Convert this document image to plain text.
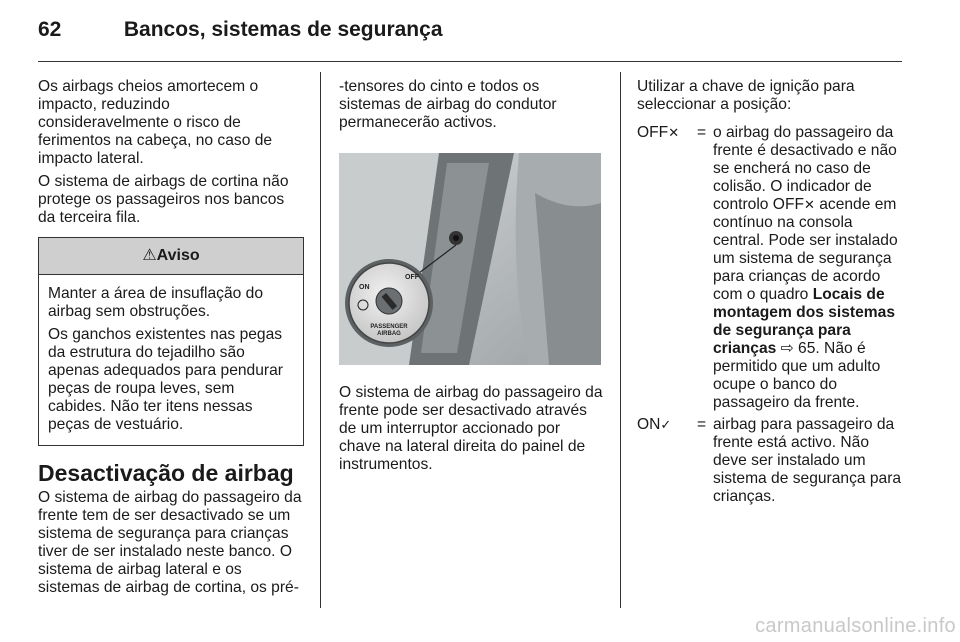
62	Bancos, sistemas de segurança

Os airbags cheios amortecem o impacto, reduzindo consideravelmente o risco de ferimentos na cabeça, no caso de impacto lateral.

O sistema de airbags de cortina não protege os passageiros nos bancos da terceira fila.

⚠Aviso

Manter a área de insuflação do airbag sem obstruções.

Os ganchos existentes nas pegas da estrutura do tejadilho são apenas adequados para pendurar peças de roupa leves, sem cabides. Não ter itens nessas peças de vestuário.

Desactivação de airbag

O sistema de airbag do passageiro da frente tem de ser desactivado se um sistema de segurança para crianças tiver de ser instalado neste banco. O sistema de airbag lateral e os sistemas de airbag de cortina, os pré-

-tensores do cinto e todos os sistemas de airbag do condutor permanecerão activos.

ON
OFF
PASSENGER
AIRBAG

O sistema de airbag do passageiro da frente pode ser desactivado através de um interruptor accionado por chave na lateral direita do painel de instrumentos.

Utilizar a chave de ignição para seleccionar a posição:

OFF✕	= o airbag do passageiro da frente é desactivado e não se encherá no caso de colisão. O indicador de controlo OFF✕ acende em contínuo na consola central. Pode ser instalado um sistema de segurança para crianças de acordo com o quadro Locais de montagem dos sistemas de segurança para crianças ⇨ 65. Não é permitido que um adulto ocupe o banco do passageiro da frente.
ON✓	= airbag para passageiro da frente está activo. Não deve ser instalado um sistema de segurança para crianças.
carmanualsonline.info
